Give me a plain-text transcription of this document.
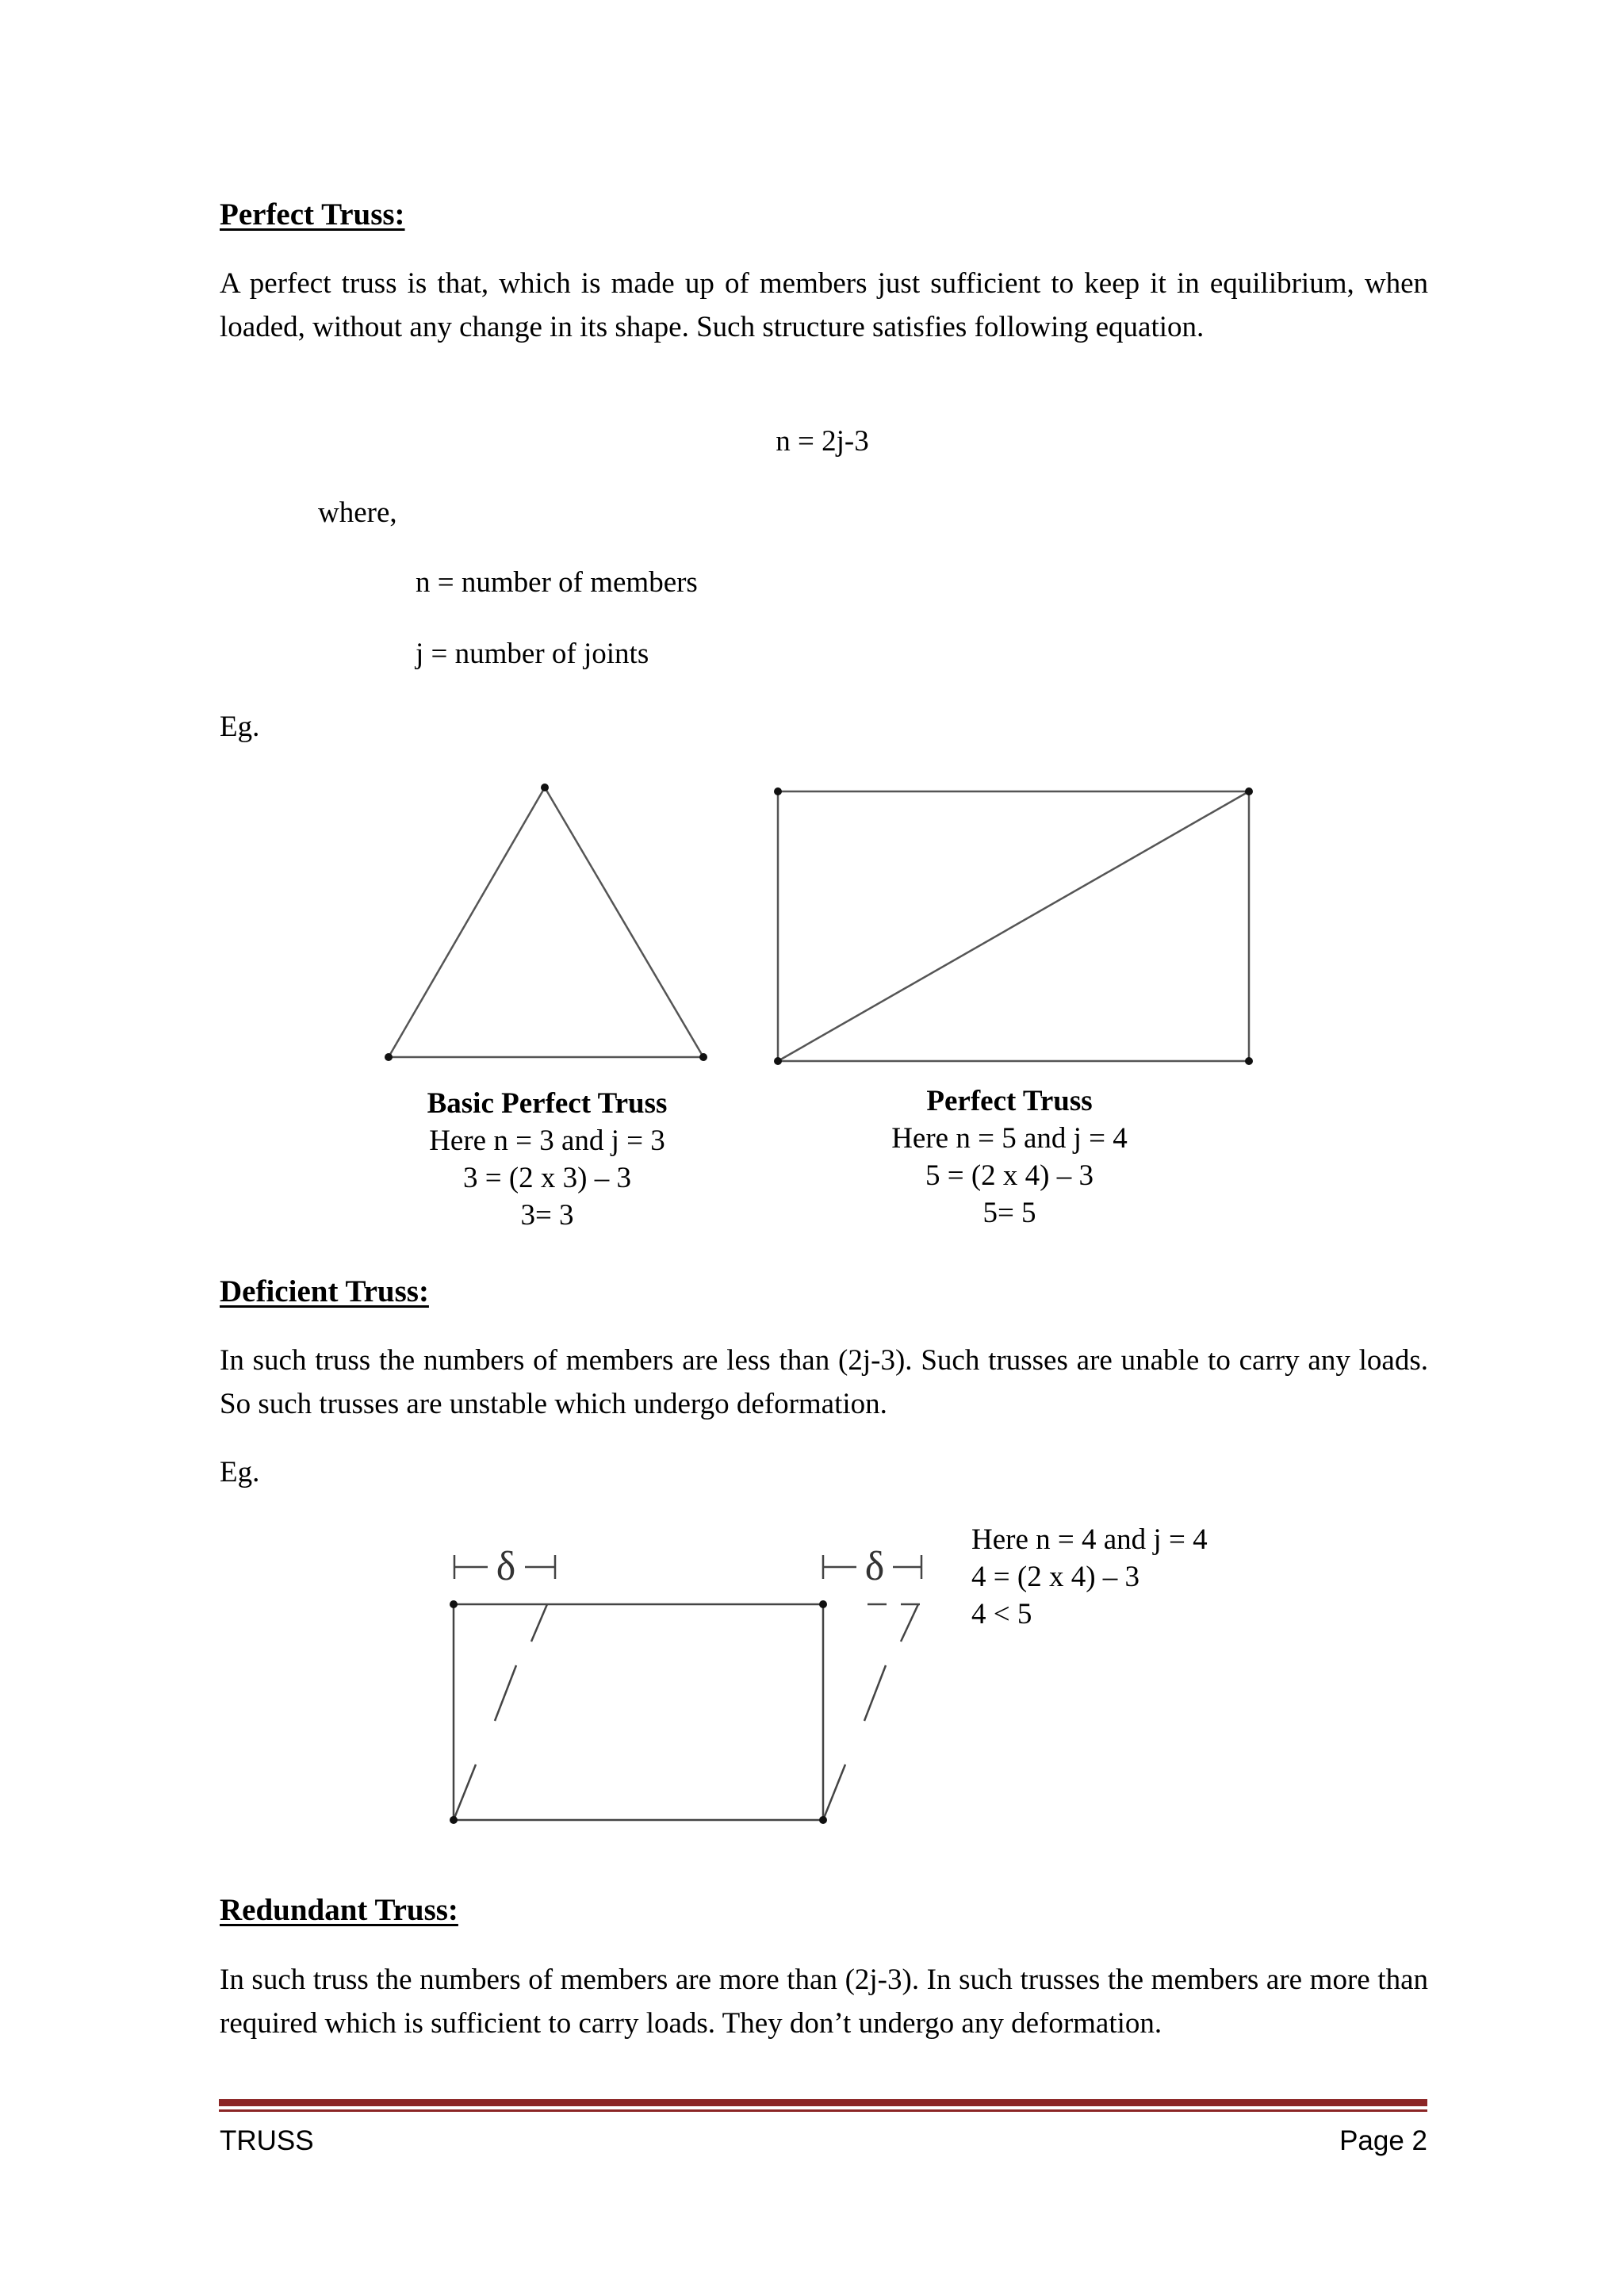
Perfect Truss:
A perfect truss is that, which is made up of members just sufficient to keep it in equilibrium, when loaded, without any change in its shape. Such structure satisfies following equation.
n = 2j-3
where,
n = number of members
j = number of joints
Eg.
Basic Perfect Truss
Here n = 3 and j = 3
3 = (2 x 3) – 3
3= 3
Perfect Truss
Here n = 5 and j = 4
5 = (2 x 4) – 3
5= 5
Deficient Truss:
In such truss the numbers of members are less than (2j-3). Such trusses are unable to carry any loads. So such trusses are unstable which undergo deformation.
Eg.
δ	δ
Here n = 4 and j = 4
4 = (2 x 4) – 3
4 < 5
Redundant Truss:
In such truss the numbers of members are more than (2j-3). In such trusses the members are more than required which is sufficient to carry loads. They don’t undergo any deformation.
TRUSS	Page 2
